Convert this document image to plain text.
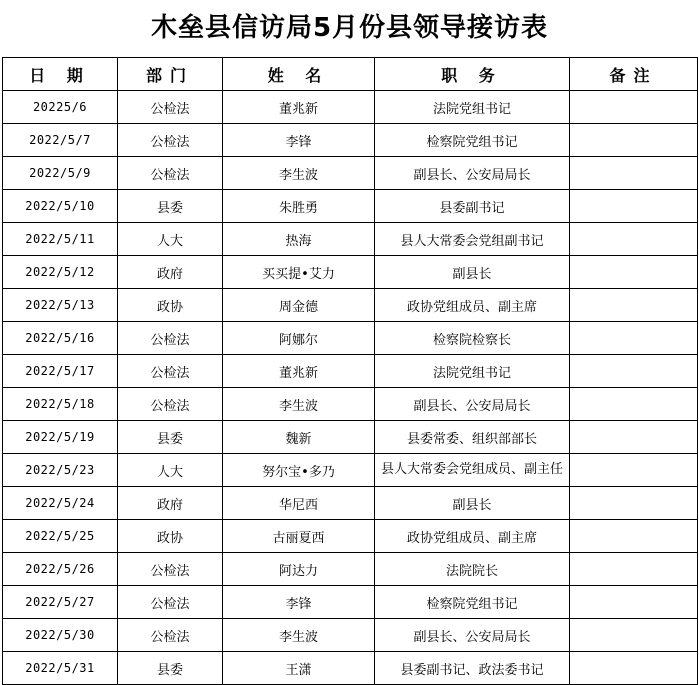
木垒县信访局5月份县领导接访表
日 期	部门	姓 名	职 务	备注
20225/6	公检法	董兆新	法院党组书记	
2022/5/7	公检法	李锋	检察院党组书记	
2022/5/9	公检法	李生波	副县长、公安局局长	
2022/5/10	县委	朱胜勇	县委副书记	
2022/5/11	人大	热海	县人大常委会党组副书记	
2022/5/12	政府	买买提•艾力	副县长	
2022/5/13	政协	周金德	政协党组成员、副主席	
2022/5/16	公检法	阿娜尔	检察院检察长	
2022/5/17	公检法	董兆新	法院党组书记	
2022/5/18	公检法	李生波	副县长、公安局局长	
2022/5/19	县委	魏新	县委常委、组织部部长	
2022/5/23	人大	努尔宝•多乃	县人大常委会党组成员、副主任	
2022/5/24	政府	华尼西	副县长	
2022/5/25	政协	古丽夏西	政协党组成员、副主席	
2022/5/26	公检法	阿达力	法院院长	
2022/5/27	公检法	李锋	检察院党组书记	
2022/5/30	公检法	李生波	副县长、公安局局长	
2022/5/31	县委	王潇	县委副书记、政法委书记	
